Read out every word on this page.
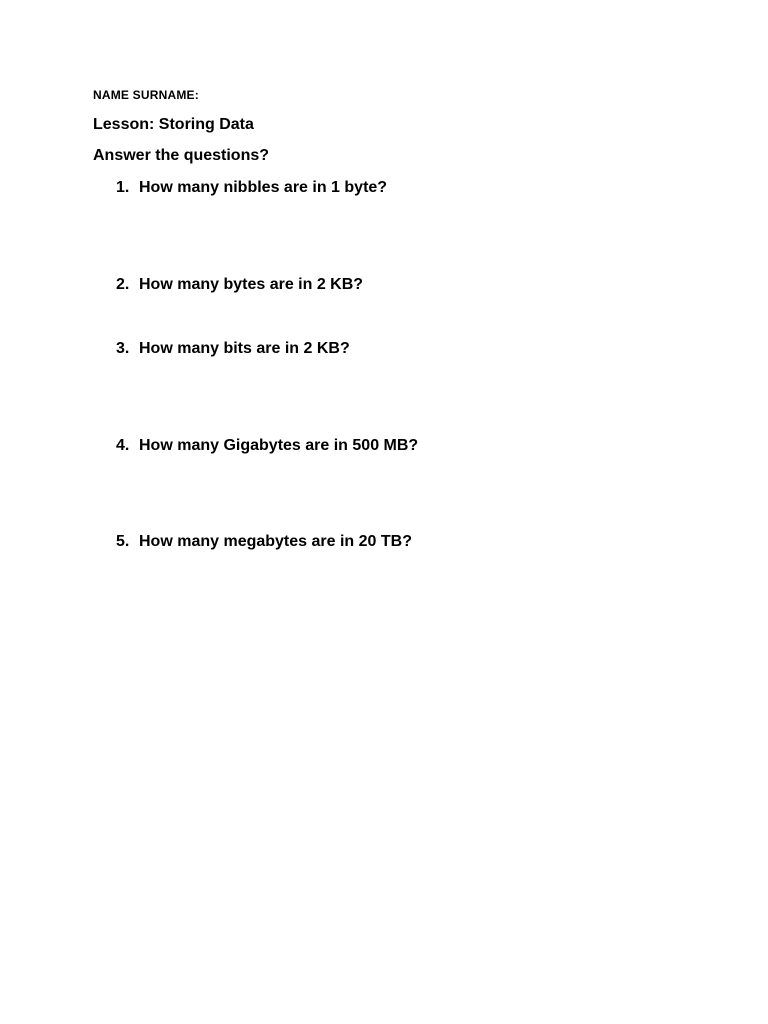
NAME SURNAME:
Lesson: Storing Data
Answer the questions?
1. How many nibbles are in 1 byte?
2. How many bytes are in 2 KB?
3. How many bits are in 2 KB?
4. How many Gigabytes are in 500 MB?
5. How many megabytes are in 20 TB?
